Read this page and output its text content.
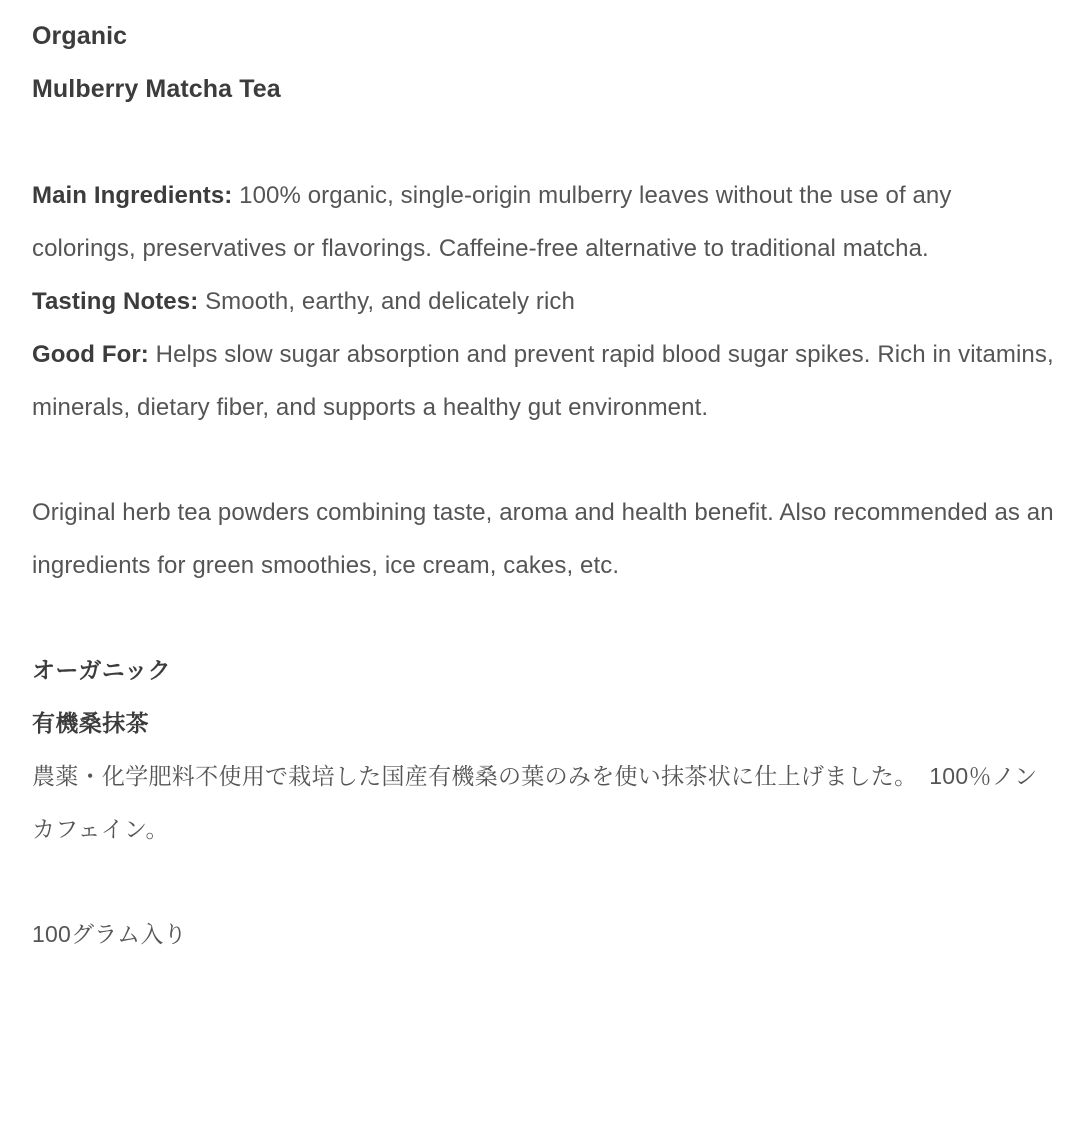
Organic
Mulberry Matcha Tea

Main Ingredients: 100% organic, single-origin mulberry leaves without the use of any colorings, preservatives or flavorings. Caffeine-free alternative to traditional matcha.

Tasting Notes: Smooth, earthy, and delicately rich

Good For: Helps slow sugar absorption and prevent rapid blood sugar spikes. Rich in vitamins, minerals, dietary fiber, and supports a healthy gut environment.

Original herb tea powders combining taste, aroma and health benefit. Also recommended as an ingredients for green smoothies, ice cream, cakes, etc.

オーガニック
有機桑抹茶

農薬・化学肥料不使用で栽培した国産有機桑の葉のみを使い抹茶状に仕上げました。　100％ノンカフェイン。

100グラム入り
